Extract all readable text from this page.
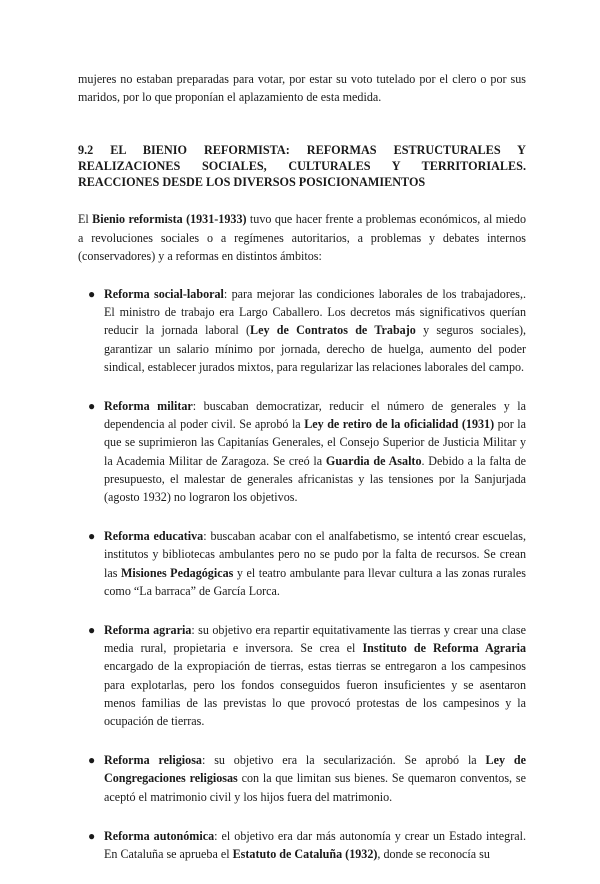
mujeres no estaban preparadas para votar, por estar su voto tutelado por el clero o por sus maridos, por lo que proponían el aplazamiento de esta medida.

9.2 EL BIENIO REFORMISTA: REFORMAS ESTRUCTURALES Y
REALIZACIONES SOCIALES, CULTURALES Y TERRITORIALES.
REACCIONES DESDE LOS DIVERSOS POSICIONAMIENTOS

El Bienio reformista (1931-1933) tuvo que hacer frente a problemas económicos, al miedo a revoluciones sociales o a regímenes autoritarios, a problemas y debates internos (conservadores) y a reformas en distintos ámbitos:

● Reforma social-laboral: para mejorar las condiciones laborales de los trabajadores,. El ministro de trabajo era Largo Caballero. Los decretos más significativos querían reducir la jornada laboral (Ley de Contratos de Trabajo y seguros sociales), garantizar un salario mínimo por jornada, derecho de huelga, aumento del poder sindical, establecer jurados mixtos, para regularizar las relaciones laborales del campo.

● Reforma militar: buscaban democratizar, reducir el número de generales y la dependencia al poder civil. Se aprobó la Ley de retiro de la oficialidad (1931) por la que se suprimieron las Capitanías Generales, el Consejo Superior de Justicia Militar y la Academia Militar de Zaragoza. Se creó la Guardia de Asalto. Debido a la falta de presupuesto, el malestar de generales africanistas y las tensiones por la Sanjurjada (agosto 1932) no lograron los objetivos.

● Reforma educativa: buscaban acabar con el analfabetismo, se intentó crear escuelas, institutos y bibliotecas ambulantes pero no se pudo por la falta de recursos. Se crean las Misiones Pedagógicas y el teatro ambulante para llevar cultura a las zonas rurales como “La barraca” de García Lorca.

● Reforma agraria: su objetivo era repartir equitativamente las tierras y crear una clase media rural, propietaria e inversora. Se crea el Instituto de Reforma Agraria encargado de la expropiación de tierras, estas tierras se entregaron a los campesinos para explotarlas, pero los fondos conseguidos fueron insuficientes y se asentaron menos familias de las previstas lo que provocó protestas de los campesinos y la ocupación de tierras.

● Reforma religiosa: su objetivo era la secularización. Se aprobó la Ley de Congregaciones religiosas con la que limitan sus bienes. Se quemaron conventos, se aceptó el matrimonio civil y los hijos fuera del matrimonio.

● Reforma autonómica: el objetivo era dar más autonomía y crear un Estado integral. En Cataluña se aprueba el Estatuto de Cataluña (1932), donde se reconocía su
